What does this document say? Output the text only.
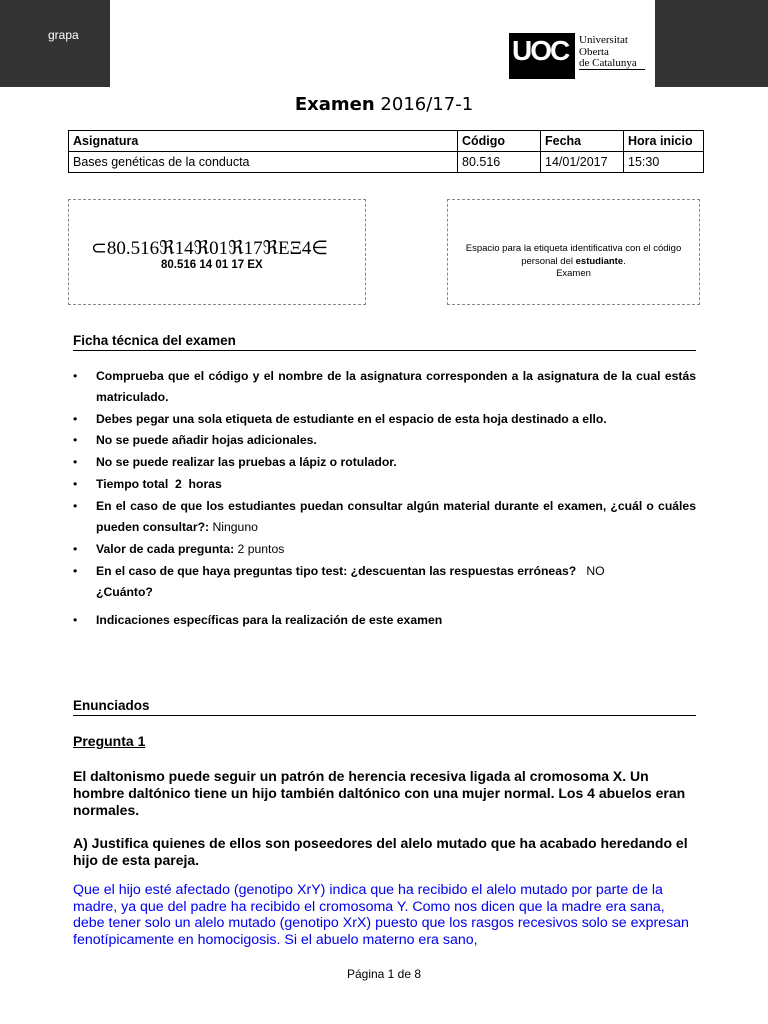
grapa	UOC Universitat
Oberta
de Catalunya
Examen 2016/17-1
Asignatura	Código	Fecha	Hora inicio
Bases genéticas de la conducta	80.516	14/01/2017	15:30
⊂80.516ℜ14ℜ01ℜ17ℜEΞ4∈
80.516 14 01 17 EX
Espacio para la etiqueta identificativa con el código
personal del estudiante.
Examen
Ficha técnica del examen
•	Comprueba que el código y el nombre de la asignatura corresponden a la asignatura de la cual estás matriculado.
•	Debes pegar una sola etiqueta de estudiante en el espacio de esta hoja destinado a ello.
•	No se puede añadir hojas adicionales.
•	No se puede realizar las pruebas a lápiz o rotulador.
•	Tiempo total  2  horas
•	En el caso de que los estudiantes puedan consultar algún material durante el examen, ¿cuál o cuáles pueden consultar?: Ninguno
•	Valor de cada pregunta: 2 puntos
•	En el caso de que haya preguntas tipo test: ¿descuentan las respuestas erróneas?   NO
¿Cuánto?
•	Indicaciones específicas para la realización de este examen
Enunciados
Pregunta 1
El daltonismo puede seguir un patrón de herencia recesiva ligada al cromosoma X. Un hombre daltónico tiene un hijo también daltónico con una mujer normal. Los 4 abuelos eran normales.
A) Justifica quienes de ellos son poseedores del alelo mutado que ha acabado heredando el hijo de esta pareja.
Que el hijo esté afectado (genotipo XrY) indica que ha recibido el alelo mutado por parte de la madre, ya que del padre ha recibido el cromosoma Y. Como nos dicen que la madre era sana, debe tener solo un alelo mutado (genotipo XrX) puesto que los rasgos recesivos solo se expresan fenotípicamente en homocigosis. Si el abuelo materno era sano,
Página 1 de 8
